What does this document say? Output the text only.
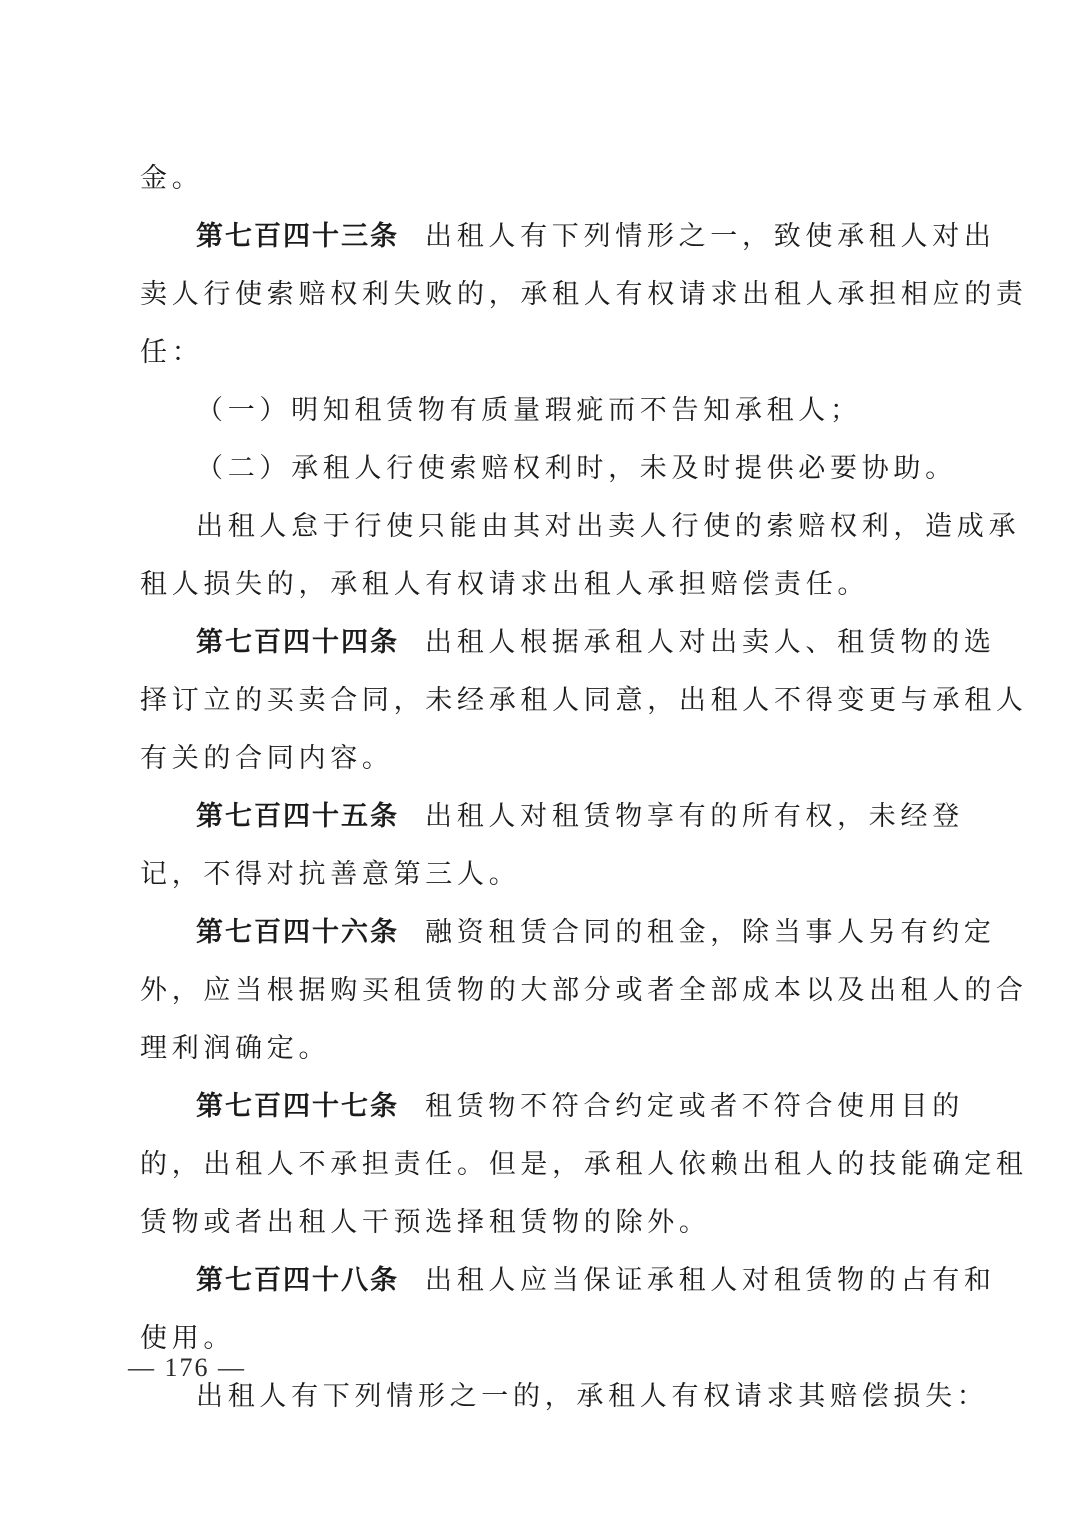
金。
第七百四十三条 出租人有下列情形之一，致使承租人对出
卖人行使索赔权利失败的，承租人有权请求出租人承担相应的责
任：
（一）明知租赁物有质量瑕疵而不告知承租人；
（二）承租人行使索赔权利时，未及时提供必要协助。
出租人怠于行使只能由其对出卖人行使的索赔权利，造成承
租人损失的，承租人有权请求出租人承担赔偿责任。
第七百四十四条 出租人根据承租人对出卖人、租赁物的选
择订立的买卖合同，未经承租人同意，出租人不得变更与承租人
有关的合同内容。
第七百四十五条 出租人对租赁物享有的所有权，未经登
记，不得对抗善意第三人。
第七百四十六条 融资租赁合同的租金，除当事人另有约定
外，应当根据购买租赁物的大部分或者全部成本以及出租人的合
理利润确定。
第七百四十七条 租赁物不符合约定或者不符合使用目的
的，出租人不承担责任。但是，承租人依赖出租人的技能确定租
赁物或者出租人干预选择租赁物的除外。
第七百四十八条 出租人应当保证承租人对租赁物的占有和
使用。
出租人有下列情形之一的，承租人有权请求其赔偿损失：
— 176 —
